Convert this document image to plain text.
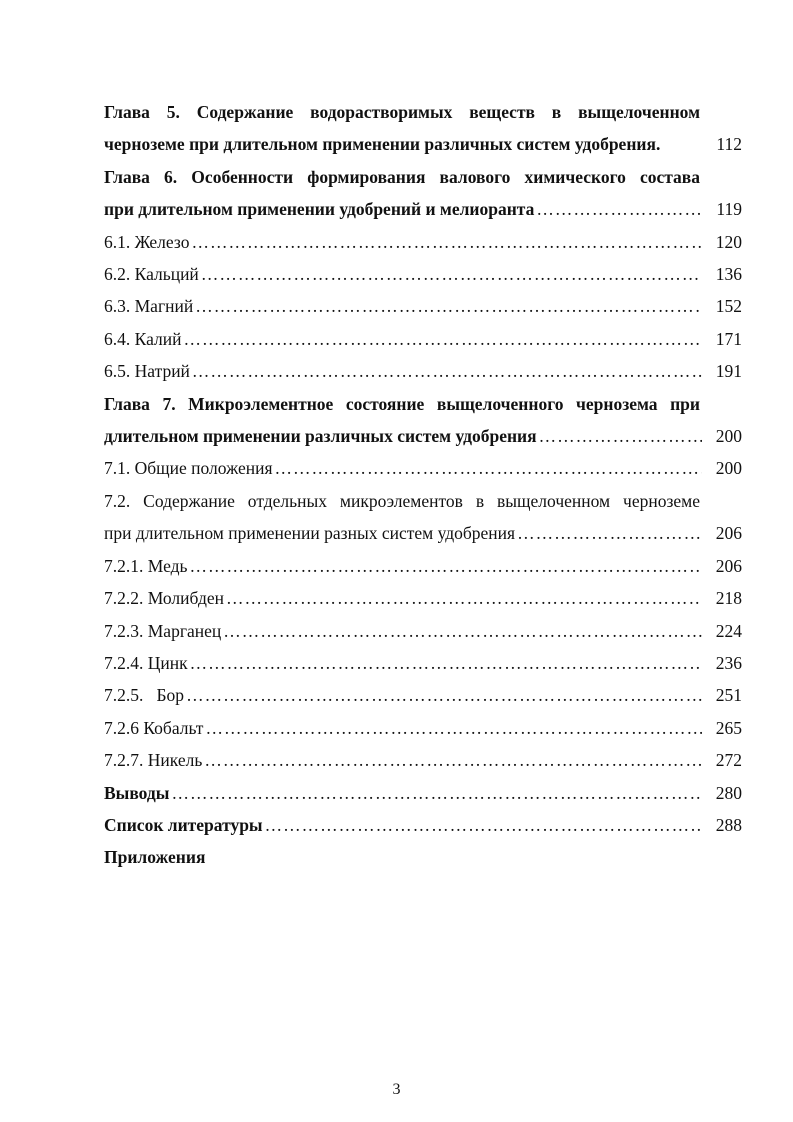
Глава 5. Содержание водорастворимых веществ в выщелоченном
черноземе при длительном применении различных систем удобрения.	112
Глава 6. Особенности формирования валового химического состава
при длительном применении удобрений и мелиоранта ……………………………………………………………………………………………………………………………………………………………………	119
6.1. Железо ……………………………………………………………………………………………………………………………………………………………………	120
6.2. Кальций ……………………………………………………………………………………………………………………………………………………………………	136
6.3. Магний ……………………………………………………………………………………………………………………………………………………………………	152
6.4. Калий ……………………………………………………………………………………………………………………………………………………………………	171
6.5. Натрий ……………………………………………………………………………………………………………………………………………………………………	191
Глава 7. Микроэлементное состояние выщелоченного чернозема при
длительном применении различных систем удобрения ……………………………………………………………………………………………………………………………………………………………………	200
7.1. Общие положения ……………………………………………………………………………………………………………………………………………………………………	200
7.2. Содержание отдельных микроэлементов в выщелоченном черноземе
при длительном применении разных систем удобрения ……………………………………………………………………………………………………………………………………………………………………	206
7.2.1. Медь ……………………………………………………………………………………………………………………………………………………………………	206
7.2.2. Молибден ……………………………………………………………………………………………………………………………………………………………………	218
7.2.3. Марганец ……………………………………………………………………………………………………………………………………………………………………	224
7.2.4. Цинк ……………………………………………………………………………………………………………………………………………………………………	236
7.2.5.   Бор ……………………………………………………………………………………………………………………………………………………………………	251
7.2.6 Кобальт ……………………………………………………………………………………………………………………………………………………………………	265
7.2.7. Никель ……………………………………………………………………………………………………………………………………………………………………	272
Выводы ……………………………………………………………………………………………………………………………………………………………………	280
Список литературы ……………………………………………………………………………………………………………………………………………………………………	288
Приложения
3
